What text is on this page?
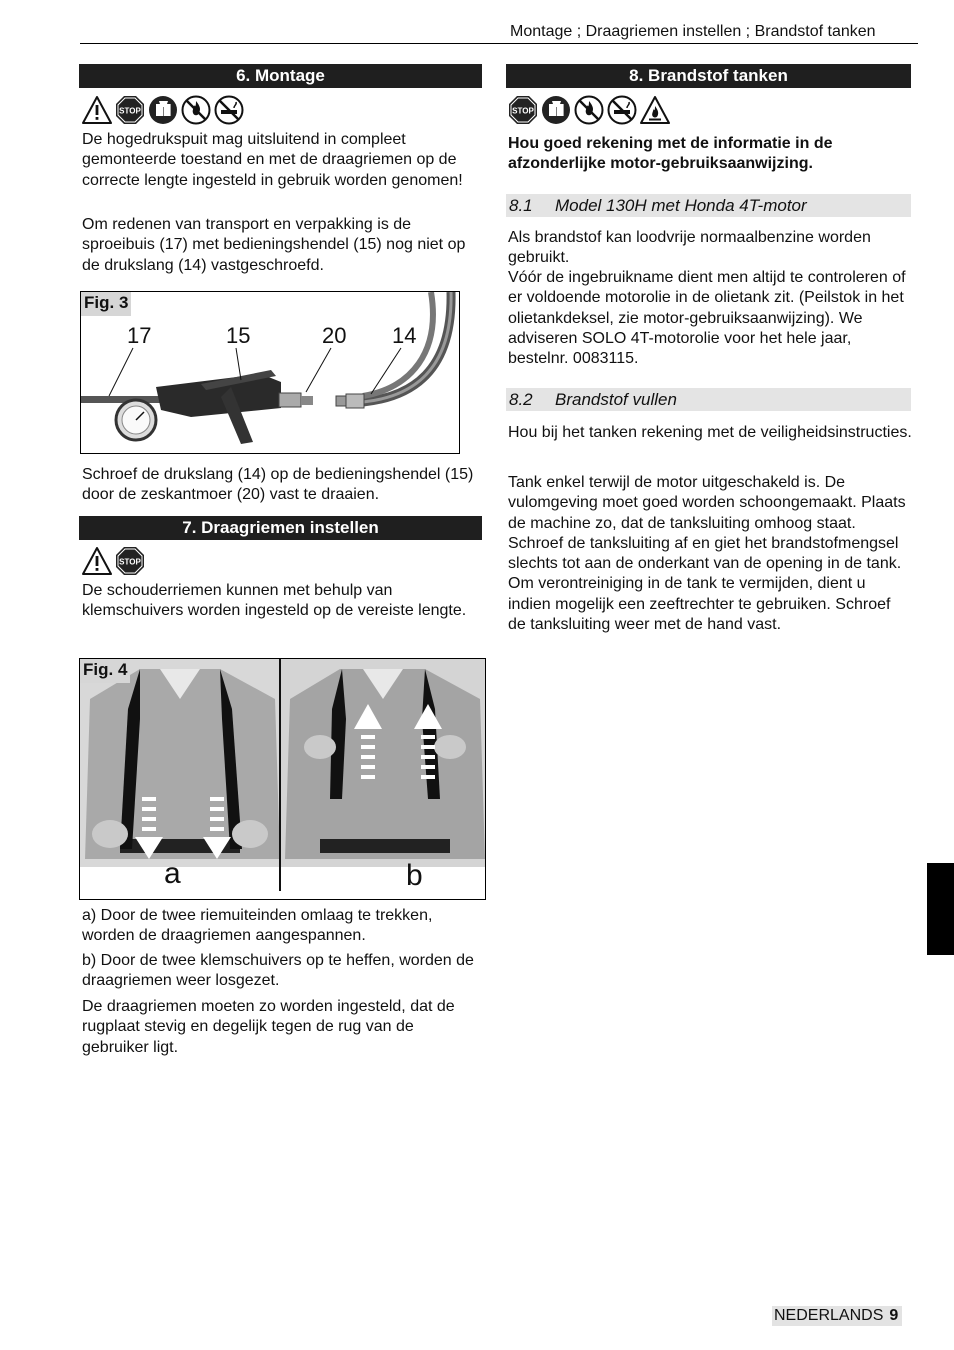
Montage ; Draagriemen instellen ; Brandstof tanken
6. Montage

De hogedrukspuit mag uitsluitend in compleet gemonteerde toestand en met de draagriemen op de correcte lengte ingesteld in gebruik worden genomen!

Om redenen van transport en verpakking is de sproeibuis (17) met bedieningshendel (15) nog niet op de drukslang (14) vastgeschroefd.

Fig. 3
17	15	20 14

Schroef de drukslang (14) op de bedieningshendel (15) door de zeskantmoer (20) vast te draaien.

7. Draagriemen instellen

De schouderriemen kunnen met behulp van klemschuivers worden ingesteld op de vereiste lengte.

Fig. 4
a	b

a) Door de twee riemuiteinden omlaag te trekken, worden de draagriemen aangespannen.

b) Door de twee klemschuivers op te heffen, worden de draagriemen weer losgezet.

De draagriemen moeten zo worden ingesteld, dat de rugplaat stevig en degelijk tegen de rug van de gebruiker ligt.

8. Brandstof tanken

Hou goed rekening met de informatie in de afzonderlijke motor-gebruiksaanwijzing.

8.1 Model 130H met Honda 4T-motor

Als brandstof kan loodvrije normaalbenzine worden gebruikt.

Vóór de ingebruikname dient men altijd te controleren of er voldoende motorolie in de olietank zit. (Peilstok in het olietankdeksel, zie motor-gebruiksaanwijzing). We adviseren SOLO 4T-motorolie voor het hele jaar, bestelnr. 0083115.

8.2 Brandstof vullen

Hou bij het tanken rekening met de veiligheidsinstructies.

Tank enkel terwijl de motor uitgeschakeld is. De vulomgeving moet goed worden schoongemaakt. Plaats de machine zo, dat de tanksluiting omhoog staat. Schroef de tanksluiting af en giet het brandstofmengsel slechts tot aan de onderkant van de opening in de tank. Om verontreiniging in de tank te vermijden, dient u indien mogelijk een zeeftrechter te gebruiken. Schroef de tanksluiting weer met de hand vast.

NEDERLANDS 9
